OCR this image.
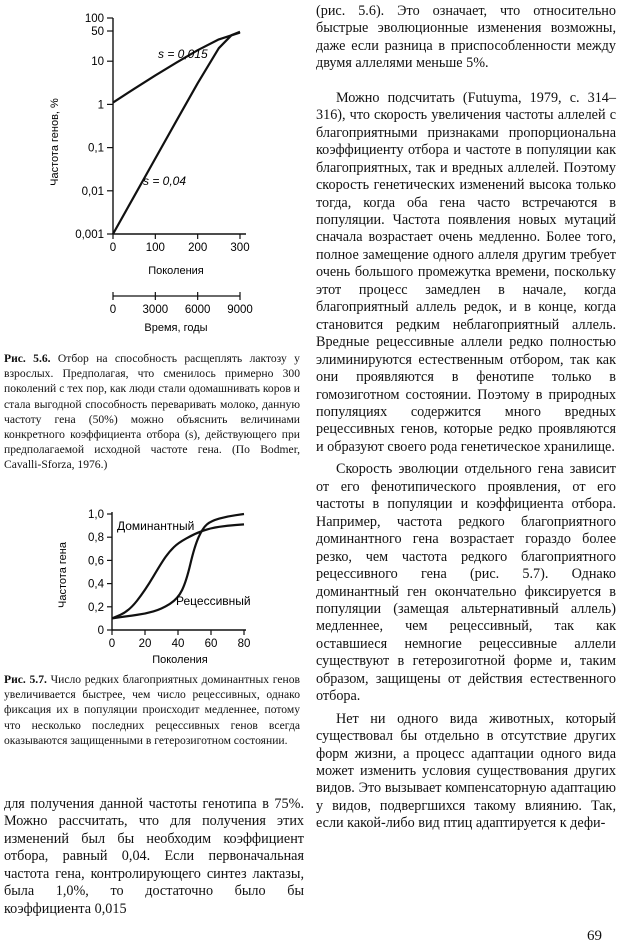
0,001
0,01
0,1
1
10
50
100
0	100 200 300
0 3000 6000 9000
s = 0,015
s = 0,04
Частота генов, %
Поколения
Время, годы
Рис. 5.6. Отбор на способность расщеплять лактозу у взрослых. Предполагая, что сменилось примерно 300 поколений с тех пор, как люди стали одомашнивать коров и стала выгодной способность переваривать молоко, данную частоту гена (50%) можно объяснить величинами конкретного коэффициента отбора (s), действующего при предполагаемой исходной частоте гена. (По Bodmer, Cavalli-Sforza, 1976.)
0
0,2
0,4
0,6
0,8
1,0
0 20 40 60 80
Доминантный
Рецессивный
Частота гена
Поколения
Рис. 5.7. Число редких благоприятных доминантных генов увеличивается быстрее, чем число рецессивных, однако фиксация их в популяции происходит медленнее, потому что несколько последних рецессивных генов всегда оказываются защищенными в гетерозиготном состоянии.

для получения данной частоты генотипа в 75%. Можно рассчитать, что для получения этих изменений был бы необходим коэффициент отбора, равный 0,04. Если первоначальная частота гена, контролирующего синтез лактазы, была 1,0%, то достаточно было бы коэффициента 0,015

(рис. 5.6). Это означает, что относительно быстрые эволюционные изменения возможны, даже если разница в приспособленности между двумя аллелями меньше 5%.

Можно подсчитать (Futuyma, 1979, с. 314–316), что скорость увеличения частоты аллелей с благоприятными признаками пропорциональна коэффициенту отбора и частоте в популяции как благоприятных, так и вредных аллелей. Поэтому скорость генетических изменений высока только тогда, когда оба гена часто встречаются в популяции. Частота появления новых мутаций сначала возрастает очень медленно. Более того, полное замещение одного аллеля другим требует очень большого промежутка времени, поскольку этот процесс замедлен в начале, когда благоприятный аллель редок, и в конце, когда становится редким неблагоприятный аллель. Вредные рецессивные аллели редко полностью элиминируются естественным отбором, так как они проявляются в фенотипе только в гомозиготном состоянии. Поэтому в природных популяциях содержится много вредных рецессивных генов, которые редко проявляются и образуют своего рода генетическое хранилище.

Скорость эволюции отдельного гена зависит от его фенотипического проявления, от его частоты в популяции и коэффициента отбора. Например, частота редкого благоприятного доминантного гена возрастает гораздо более резко, чем частота редкого благоприятного рецессивного гена (рис. 5.7). Однако доминантный ген окончательно фиксируется в популяции (замещая альтернативный аллель) медленнее, чем рецессивный, так как оставшиеся немногие рецессивные аллели существуют в гетерозиготной форме и, таким образом, защищены от действия естественного отбора.

Нет ни одного вида животных, который существовал бы отдельно в отсутствие других форм жизни, а процесс адаптации одного вида может изменить условия существования других видов. Это вызывает компенсаторную адаптацию у видов, подвергшихся такому влиянию. Так, если какой-либо вид птиц адаптируется к дефи-

69
